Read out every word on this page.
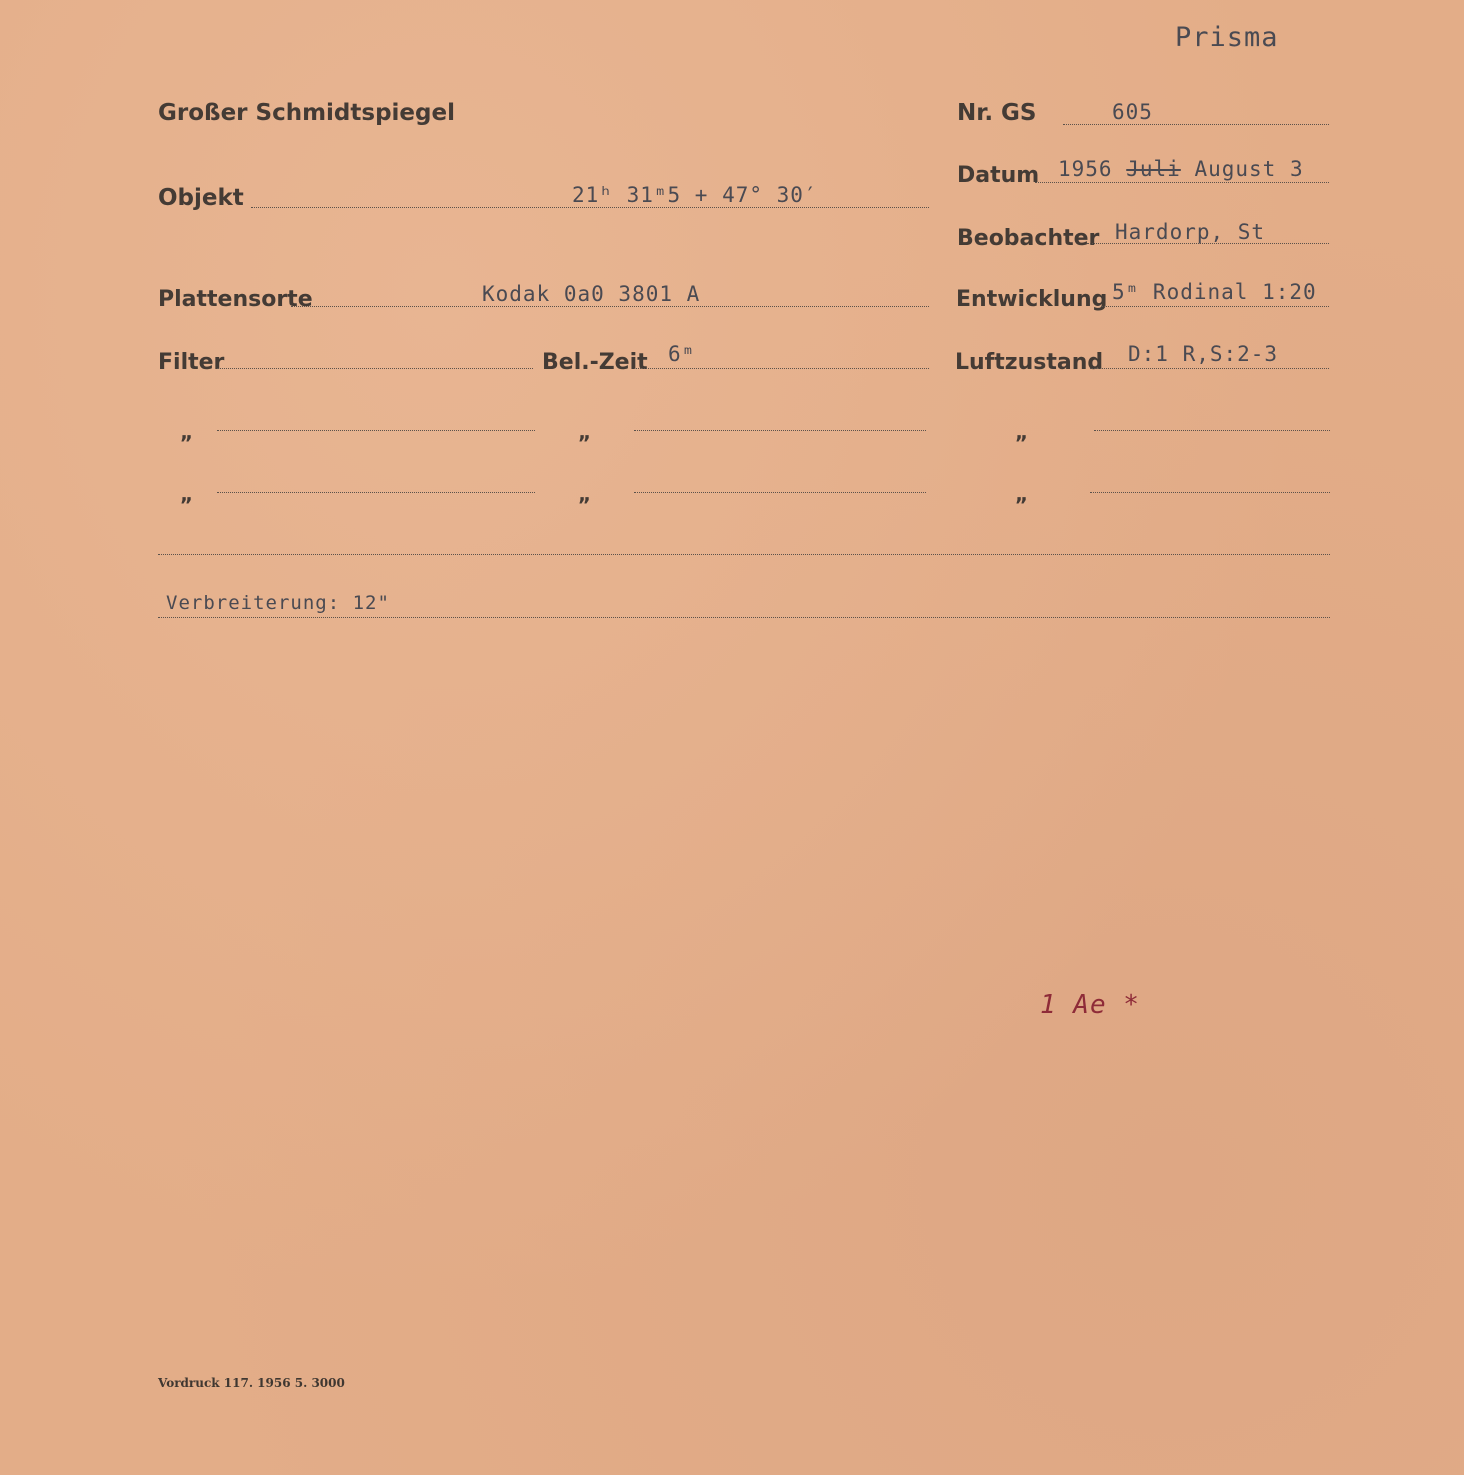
Prisma
Großer Schmidtspiegel	Nr. GS	605
Datum 1956 Juli August 3
Objekt	21ʰ 31ᵐ5 + 47° 30′
Beobachter Hardorp, St
Plattensorte	Kodak 0a0 3801 A	Entwicklung 5ᵐ Rodinal 1:20
Filter	Bel.-Zeit 6ᵐ	Luftzustand D:1 R,S:2-3
„	„	„
„	„	„
Verbreiterung: 12"
1 Ae *
Vordruck 117. 1956 5. 3000
